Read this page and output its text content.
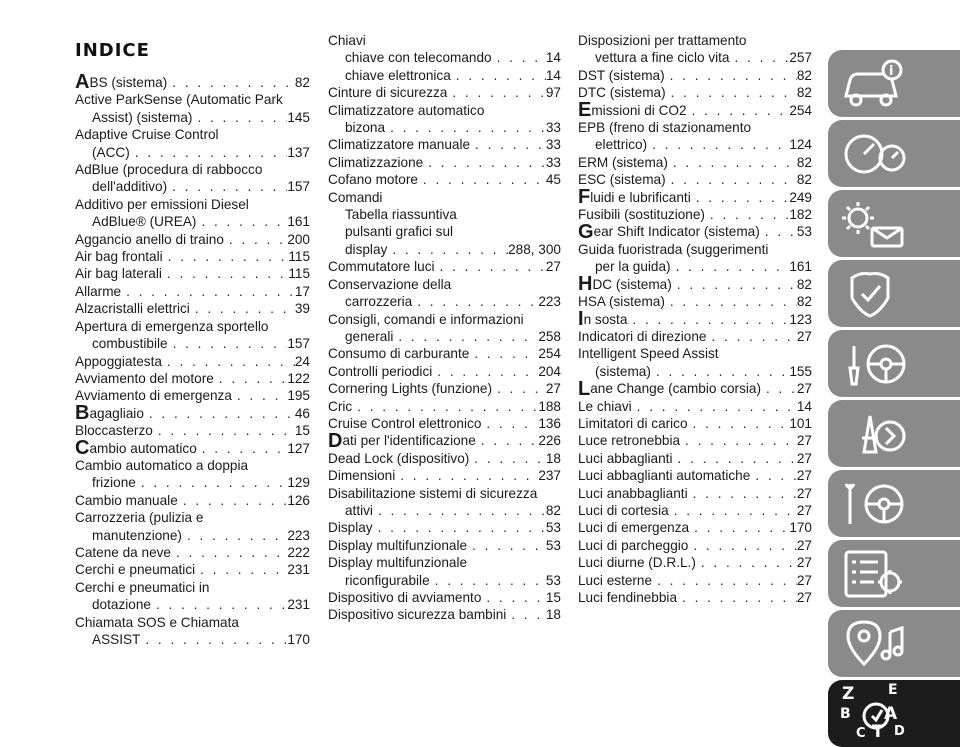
INDICE
A BS (sistema) . . .	82
Active ParkSense (Automatic Park
Assist) (sistema) . . .	145
Adaptive Cruise Control
(ACC) . . .	137
AdBlue (procedura di rabbocco
dell'additivo) . . .	157
Additivo per emissioni Diesel
AdBlue® (UREA) . . .	161
Aggancio anello di traino . . .	200
Air bag frontali . . .	115
Air bag laterali . . .	115
Allarme . . .	17
Alzacristalli elettrici . . .	39
Apertura di emergenza sportello
combustibile . . .	157
Appoggiatesta . . .	24
Avviamento del motore . . .	122
Avviamento di emergenza . . .	195
B agagliaio . . .	46
Bloccasterzo . . .	15
C ambio automatico . . .	127
Cambio automatico a doppia
frizione . . .	129
Cambio manuale . . .	126
Carrozzeria (pulizia e
manutenzione) . . .	223
Catene da neve . . .	222
Cerchi e pneumatici . . .	231
Cerchi e pneumatici in
dotazione . . .	231
Chiamata SOS e Chiamata
ASSIST . . .	170
Chiavi
chiave con telecomando . . .	14
chiave elettronica . . .	14
Cinture di sicurezza . . .	97
Climatizzatore automatico
bizona . . .	33
Climatizzatore manuale . . .	33
Climatizzazione . . .	33
Cofano motore . . .	45
Comandi
Tabella riassuntiva
pulsanti grafici sul
display . . .	288, 300
Commutatore luci . . .	27
Conservazione della
carrozzeria . . .	223
Consigli, comandi e informazioni
generali . . .	258
Consumo di carburante . . .	254
Controlli periodici . . .	204
Cornering Lights (funzione) . . .	27
Cric . . .	188
Cruise Control elettronico . . .	136
D ati per l'identificazione . . .	226
Dead Lock (dispositivo) . . .	18
Dimensioni . . .	237
Disabilitazione sistemi di sicurezza
attivi . . .	82
Display . . .	53
Display multifunzionale . . .	53
Display multifunzionale
riconfigurabile . . .	53
Dispositivo di avviamento . . .	15
Dispositivo sicurezza bambini . . .	18
Disposizioni per trattamento
vettura a fine ciclo vita . . .	257
DST (sistema) . . .	82
DTC (sistema) . . .	82
E missioni di CO2 . . .	254
EPB (freno di stazionamento
elettrico) . . .	124
ERM (sistema) . . .	82
ESC (sistema) . . .	82
F luidi e lubrificanti . . .	249
Fusibili (sostituzione) . . .	182
G ear Shift Indicator (sistema) . . .	53
Guida fuoristrada (suggerimenti
per la guida) . . .	161
H DC (sistema) . . .	82
HSA (sistema) . . .	82
I n sosta . . .	123
Indicatori di direzione . . .	27
Intelligent Speed Assist
(sistema) . . .	155
L ane Change (cambio corsia) . . .	27
Le chiavi . . .	14
Limitatori di carico . . .	101
Luce retronebbia . . .	27
Luci abbaglianti . . .	27
Luci abbaglianti automatiche . . .	27
Luci anabbaglianti . . .	27
Luci di cortesia . . .	27
Luci di emergenza . . .	170
Luci di parcheggio . . .	27
Luci diurne (D.R.L.) . . .	27
Luci esterne . . .	27
Luci fendinebbia . . .	27
i
Z E
B A
C T D
